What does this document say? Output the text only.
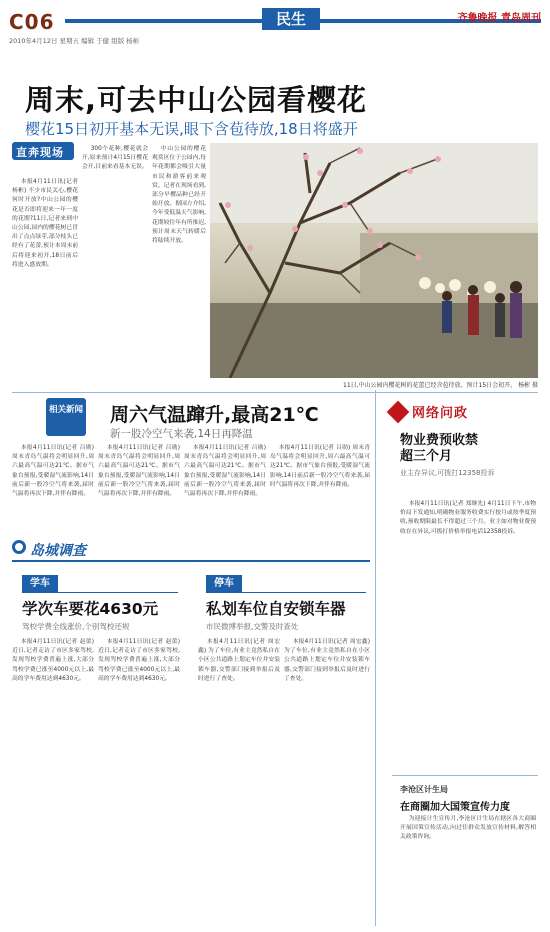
C06	民生	齐鲁晚报 青岛周刊
2010年4月12日 星期五 编辑 于健 组版 杨彬
周末,可去中山公园看樱花
樱花15日初开基本无误,眼下含苞待放,18日将盛开
直奔现场

本报4月11日讯(记者 杨彬) 不少市民关心,樱花何时开放?中山公园的樱花是否即将迎来一年一度的花期?11日,记者来到中山公园,园内的樱花树已冒出了点点绿芽,部分枝头已经有了花蕾,预计本周末前后将迎来初开,18日前后将进入盛放期。

300个花种,樱花就会开,原来预计4月15日樱花会开,目前来看基本无误。

中山公园的樱花观赏区位于公园内,每年花期都会吸引大量市民和游客前来观赏。记者在现场看到,部分早樱品种已经开始开放。据园方介绍,今年受低温天气影响,花期较往年有所推迟,预计周末天气转暖后将陆续开放。

11日,中山公园内樱花树的花蕾已经含苞待放。预计15日会初开。 杨彬 摄
相关新闻 周六气温蹿升,最高21℃
新一股冷空气来袭,14日再降温

本报4月11日讯(记者 吕勋) 周末青岛气温将会明显回升,周六最高气温可达21℃。据市气象台预报,受暖湿气流影响,14日前后新一股冷空气将来袭,届时气温将再次下降,并伴有降雨。

本报4月11日讯(记者 吕勋) 周末青岛气温将会明显回升,周六最高气温可达21℃。据市气象台预报,受暖湿气流影响,14日前后新一股冷空气将来袭,届时气温将再次下降,并伴有降雨。

本报4月11日讯(记者 吕勋) 周末青岛气温将会明显回升,周六最高气温可达21℃。据市气象台预报,受暖湿气流影响,14日前后新一股冷空气将来袭,届时气温将再次下降,并伴有降雨。

本报4月11日讯(记者 吕勋) 周末青岛气温将会明显回升,周六最高气温可达21℃。据市气象台预报,受暖湿气流影响,14日前后新一股冷空气将来袭,届时气温将再次下降,并伴有降雨。

岛城调查
学车
学次车要花4630元
驾校学费全线涨价,个别驾校还规

本报4月11日讯(记者 赵蕾) 近日,记者走访了市区多家驾校,发现驾校学费普遍上涨,大部分驾校学费已涨至4000元以上,最高的学车费用达到4630元。

本报4月11日讯(记者 赵蕾) 近日,记者走访了市区多家驾校,发现驾校学费普遍上涨,大部分驾校学费已涨至4000元以上,最高的学车费用达到4630元。

停车
私划车位自安锁车器
市民微博举报,交警及时查处

本报4月11日讯(记者 周宏鑫) 为了车位,有业主竟然私自在小区公共道路上划定车位并安装锁车器,交警部门接到举报后及时进行了查处。

本报4月11日讯(记者 周宏鑫) 为了车位,有业主竟然私自在小区公共道路上划定车位并安装锁车器,交警部门接到举报后及时进行了查处。

网络问政
物业费预收禁超三个月
业主存异议,可拨打12358投诉

本报4月11日讯(记者 郑继先) 4月11日下午,市物价局下发通知,明确物业服务收费实行按月或按季度预收,预收期限最长不得超过三个月。业主如对物业费预收存在异议,可拨打价格举报电话12358投诉。

李沧区计生局
在商圈加大国策宣传力度

为迎接计生宣传月,李沧区计生局在辖区各大商圈开展国策宣传活动,向过往群众发放宣传材料,解答相关政策咨询。
